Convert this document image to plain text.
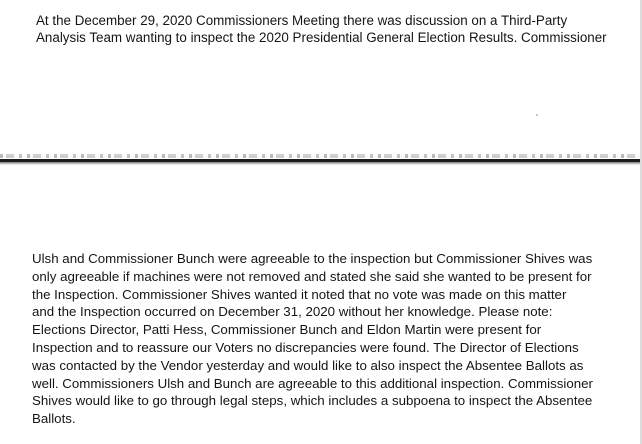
At the December 29, 2020 Commissioners Meeting there was discussion on a Third-Party
Analysis Team wanting to inspect the 2020 Presidential General Election Results. Commissioner

Ulsh and Commissioner Bunch were agreeable to the inspection but Commissioner Shives was
only agreeable if machines were not removed and stated she said she wanted to be present for
the Inspection. Commissioner Shives wanted it noted that no vote was made on this matter
and the Inspection occurred on December 31, 2020 without her knowledge. Please note:
Elections Director, Patti Hess, Commissioner Bunch and Eldon Martin were present for
Inspection and to reassure our Voters no discrepancies were found. The Director of Elections
was contacted by the Vendor yesterday and would like to also inspect the Absentee Ballots as
well. Commissioners Ulsh and Bunch are agreeable to this additional inspection. Commissioner
Shives would like to go through legal steps, which includes a subpoena to inspect the Absentee
Ballots.
